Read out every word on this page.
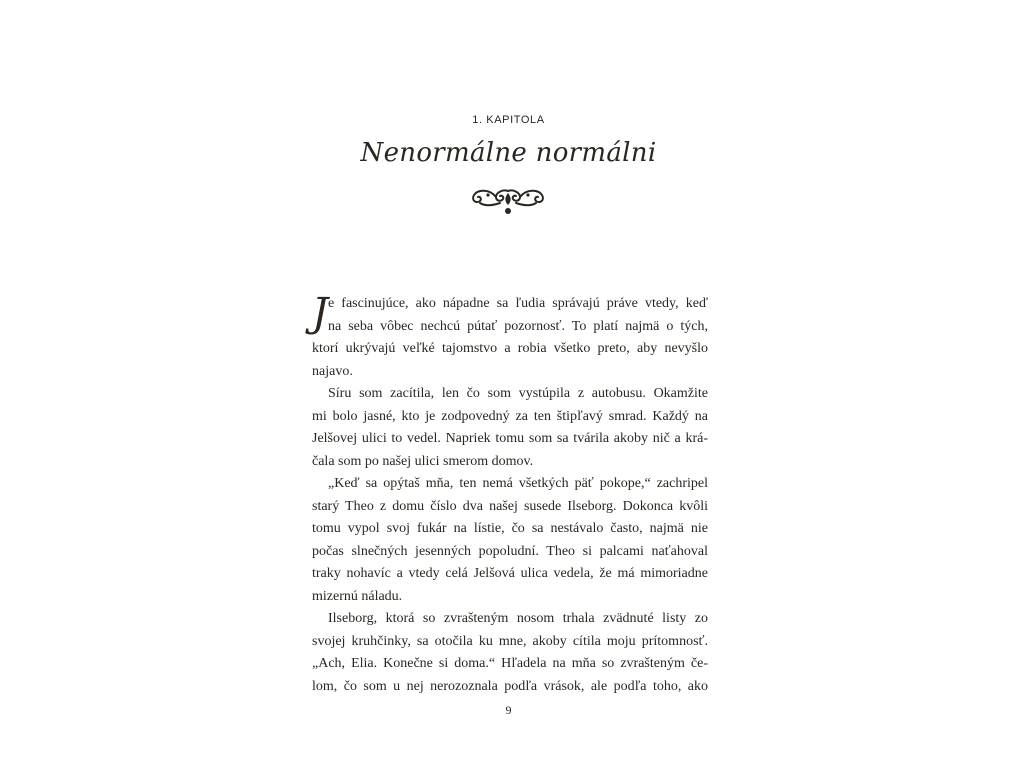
1. KAPITOLA
Nenormálne normálni
J e fascinujúce, ako nápadne sa ľudia správajú práve vtedy, keď
na seba vôbec nechcú pútať pozornosť. To platí najmä o tých,
ktorí ukrývajú veľké tajomstvo a robia všetko preto, aby nevyšlo
najavo.
Síru som zacítila, len čo som vystúpila z autobusu. Okamžite
mi bolo jasné, kto je zodpovedný za ten štipľavý smrad. Každý na
Jelšovej ulici to vedel. Napriek tomu som sa tvárila akoby nič a krá-
čala som po našej ulici smerom domov.
„Keď sa opýtaš mňa, ten nemá všetkých päť pokope,“ zachripel
starý Theo z domu číslo dva našej susede Ilseborg. Dokonca kvôli
tomu vypol svoj fukár na lístie, čo sa nestávalo často, najmä nie
počas slnečných jesenných popoludní. Theo si palcami naťahoval
traky nohavíc a vtedy celá Jelšová ulica vedela, že má mimoriadne
mizernú náladu.
Ilseborg, ktorá so zvrašteným nosom trhala zvädnuté listy zo
svojej kruhčinky, sa otočila ku mne, akoby cítila moju prítomnosť.
„Ach, Elia. Konečne si doma.“ Hľadela na mňa so zvrašteným če-
lom, čo som u nej nerozoznala podľa vrások, ale podľa toho, ako
9
